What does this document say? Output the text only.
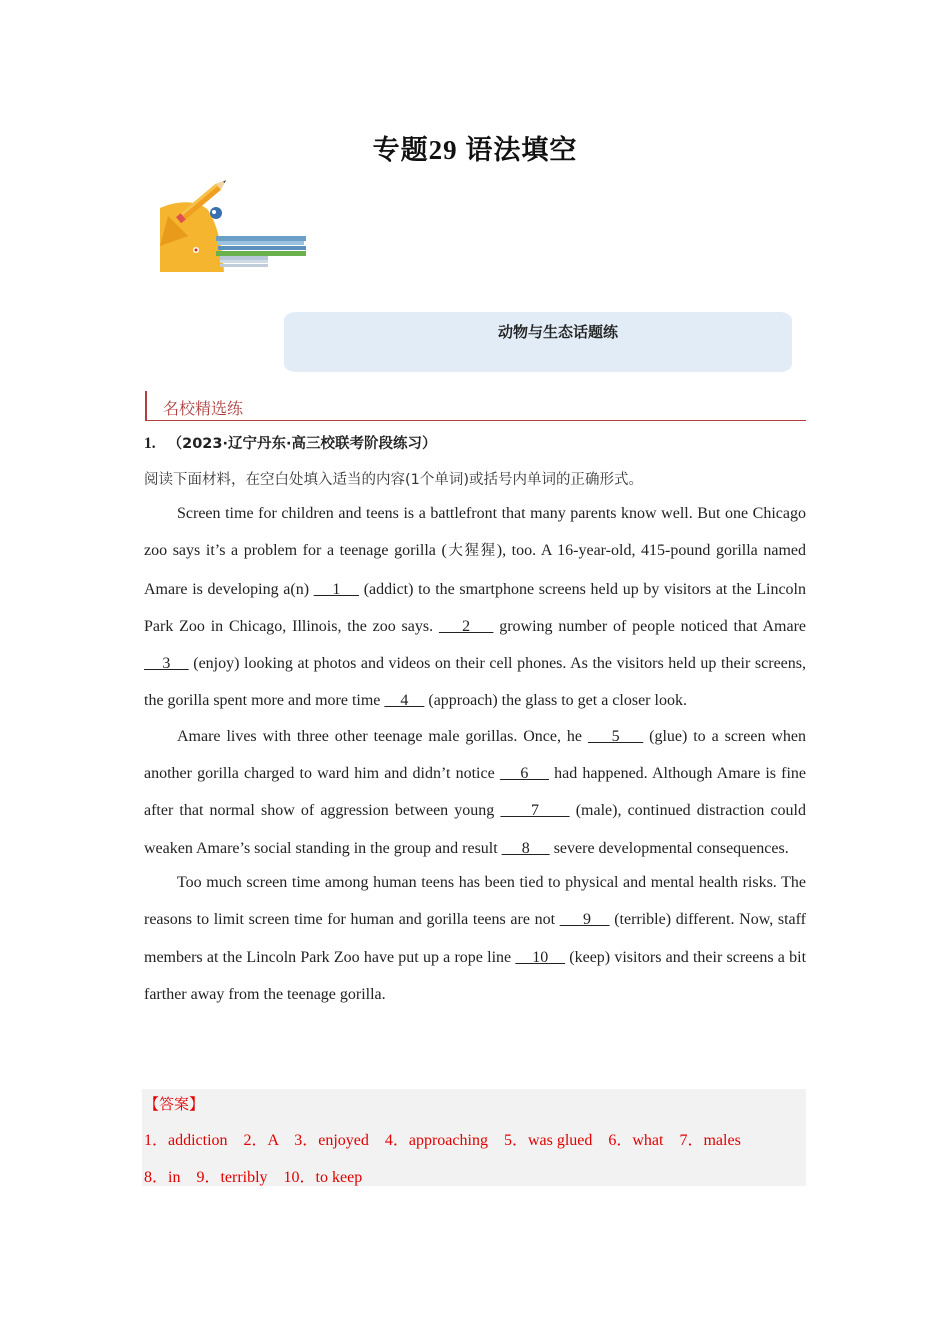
专题29 语法填空
动物与生态话题练
名校精选练
1. （2023·辽宁丹东·高三校联考阶段练习）
阅读下面材料，在空白处填入适当的内容(1个单词)或括号内单词的正确形式。

Screen time for children and teens is a battlefront that many parents know well. But one Chicago zoo says it’s a problem for a teenage gorilla (大猩猩), too. A 16-year-old, 415-pound gorilla named Amare is developing a(n)     1     (addict) to the smartphone screens held up by visitors at the Lincoln Park Zoo in Chicago, Illinois, the zoo says.     2     growing number of people noticed that Amare     3     (enjoy) looking at photos and videos on their cell phones. As the visitors held up their screens, the gorilla spent more and more time     4     (approach) the glass to get a closer look.

Amare lives with three other teenage male gorillas. Once, he     5     (glue) to a screen when another gorilla charged to ward him and didn’t notice     6     had happened. Although Amare is fine after that normal show of aggression between young      7      (male), continued distraction could weaken Amare’s social standing in the group and result      8      severe developmental consequences.

Too much screen time among human teens has been tied to physical and mental health risks. The reasons to limit screen time for human and gorilla teens are not      9     (terrible) different. Now, staff members at the Lincoln Park Zoo have put up a rope line     10     (keep) visitors and their screens a bit farther away from the teenage gorilla.

【答案】
1．addiction    2．A    3．enjoyed    4．approaching    5．was glued    6．what    7．males
8．in    9．terribly    10．to keep
